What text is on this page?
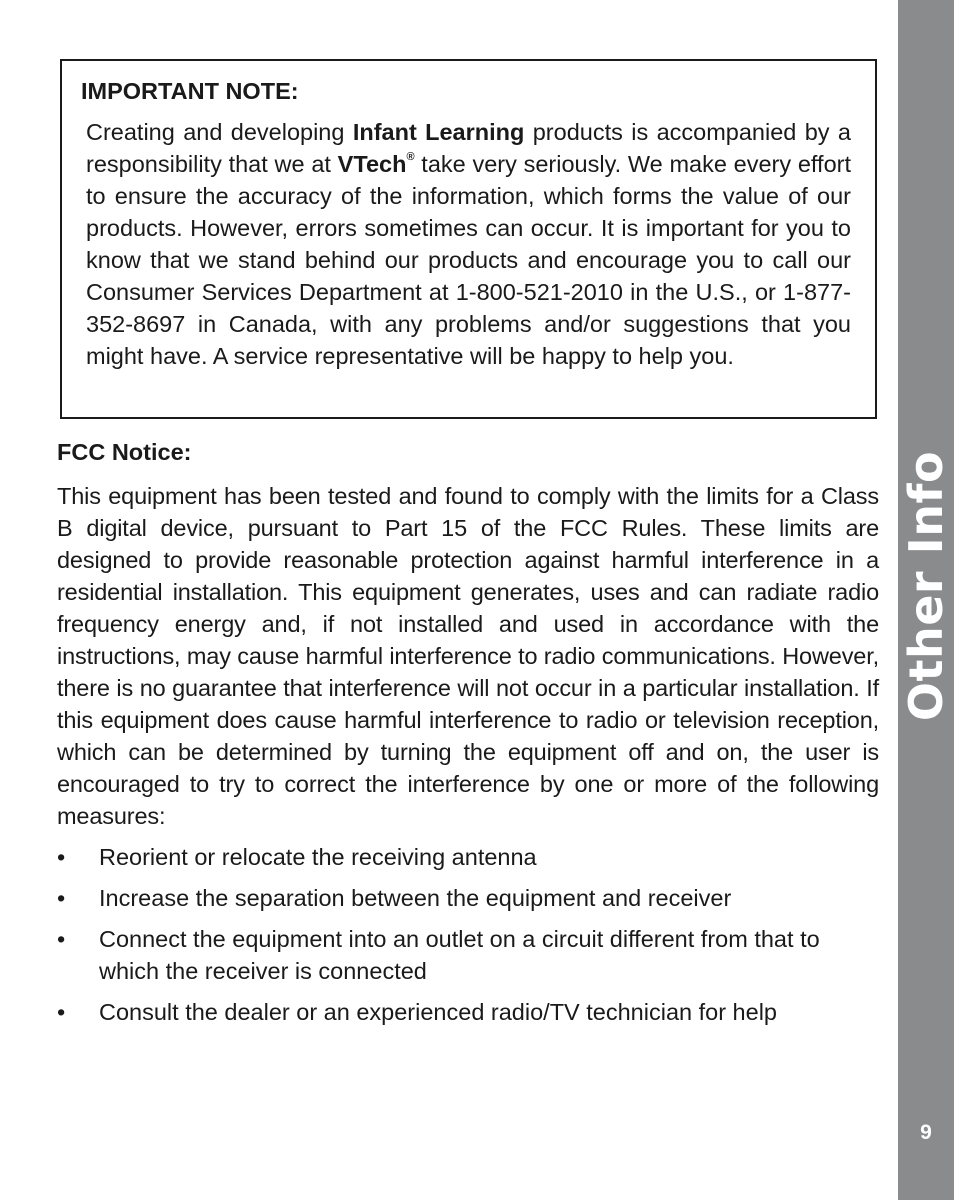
IMPORTANT NOTE:

Creating and developing Infant Learning products is accompanied by a responsibility that we at VTech® take very seriously. We make every effort to ensure the accuracy of the information, which forms the value of our products. However, errors sometimes can occur. It is important for you to know that we stand behind our products and encourage you to call our Consumer Services Department at 1-800-521-2010 in the U.S., or 1-877-352-8697 in Canada, with any problems and/or suggestions that you might have. A service representative will be happy to help you.

FCC Notice:

This equipment has been tested and found to comply with the limits for a Class B digital device, pursuant to Part 15 of the FCC Rules. These limits are designed to provide reasonable protection against harmful interference in a residential installation. This equipment generates, uses and can radiate radio frequency energy and, if not installed and used in accordance with the instructions, may cause harmful interference to radio communications. However, there is no guarantee that interference will not occur in a particular installation. If this equipment does cause harmful interference to radio or television reception, which can be determined by turning the equipment off and on, the user is encouraged to try to correct the interference by one or more of the following measures:

• Reorient or relocate the receiving antenna
• Increase the separation between the equipment and receiver
• Connect the equipment into an outlet on a circuit different from that to which the receiver is connected
• Consult the dealer or an experienced radio/TV technician for help
Other Info
9
